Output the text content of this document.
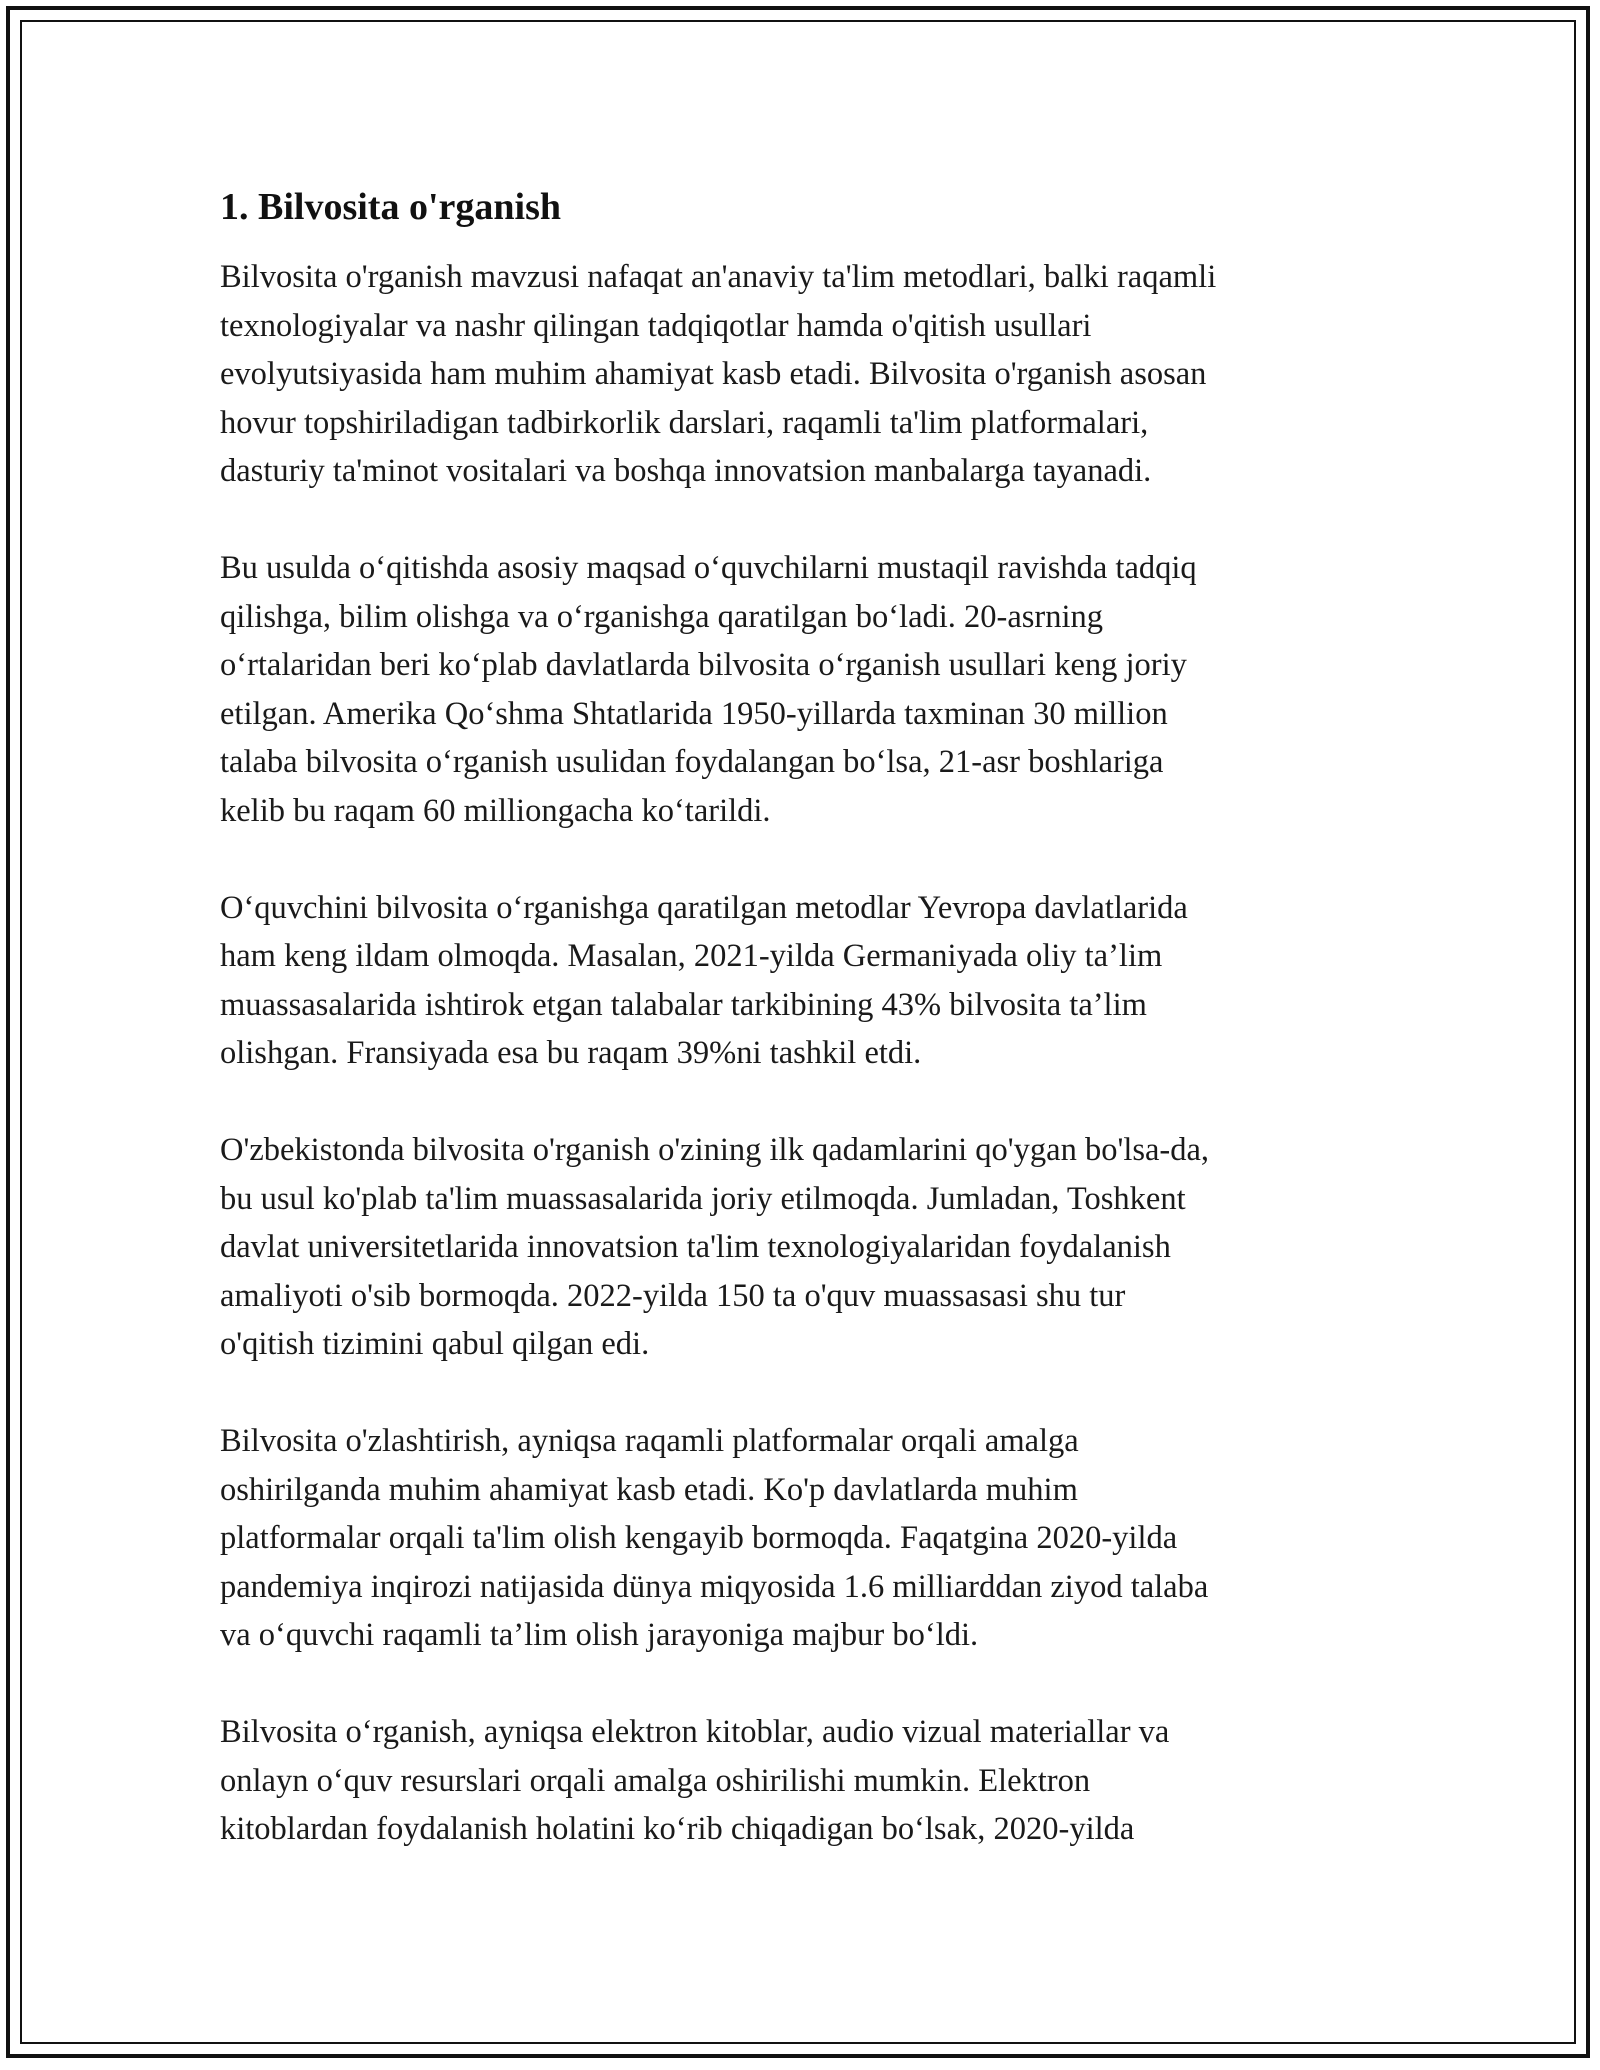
1. Bilvosita o'rganish

Bilvosita o'rganish mavzusi nafaqat an'anaviy ta'lim metodlari, balki raqamli
texnologiyalar va nashr qilingan tadqiqotlar hamda o'qitish usullari
evolyutsiyasida ham muhim ahamiyat kasb etadi. Bilvosita o'rganish asosan
hovur topshiriladigan tadbirkorlik darslari, raqamli ta'lim platformalari,
dasturiy ta'minot vositalari va boshqa innovatsion manbalarga tayanadi.

Bu usulda o‘qitishda asosiy maqsad o‘quvchilarni mustaqil ravishda tadqiq
qilishga, bilim olishga va o‘rganishga qaratilgan bo‘ladi. 20-asrning
o‘rtalaridan beri ko‘plab davlatlarda bilvosita o‘rganish usullari keng joriy
etilgan. Amerika Qo‘shma Shtatlarida 1950-yillarda taxminan 30 million
talaba bilvosita o‘rganish usulidan foydalangan bo‘lsa, 21-asr boshlariga
kelib bu raqam 60 milliongacha ko‘tarildi.

O‘quvchini bilvosita o‘rganishga qaratilgan metodlar Yevropa davlatlarida
ham keng ildam olmoqda. Masalan, 2021-yilda Germaniyada oliy ta’lim
muassasalarida ishtirok etgan talabalar tarkibining 43% bilvosita ta’lim
olishgan. Fransiyada esa bu raqam 39%ni tashkil etdi.

O'zbekistonda bilvosita o'rganish o'zining ilk qadamlarini qo'ygan bo'lsa-da,
bu usul ko'plab ta'lim muassasalarida joriy etilmoqda. Jumladan, Toshkent
davlat universitetlarida innovatsion ta'lim texnologiyalaridan foydalanish
amaliyoti o'sib bormoqda. 2022-yilda 150 ta o'quv muassasasi shu tur
o'qitish tizimini qabul qilgan edi.

Bilvosita o'zlashtirish, ayniqsa raqamli platformalar orqali amalga
oshirilganda muhim ahamiyat kasb etadi. Ko'p davlatlarda muhim
platformalar orqali ta'lim olish kengayib bormoqda. Faqatgina 2020-yilda
pandemiya inqirozi natijasida dünya miqyosida 1.6 milliarddan ziyod talaba
va o‘quvchi raqamli ta’lim olish jarayoniga majbur bo‘ldi.

Bilvosita o‘rganish, ayniqsa elektron kitoblar, audio vizual materiallar va
onlayn o‘quv resurslari orqali amalga oshirilishi mumkin. Elektron
kitoblardan foydalanish holatini ko‘rib chiqadigan bo‘lsak, 2020-yilda
